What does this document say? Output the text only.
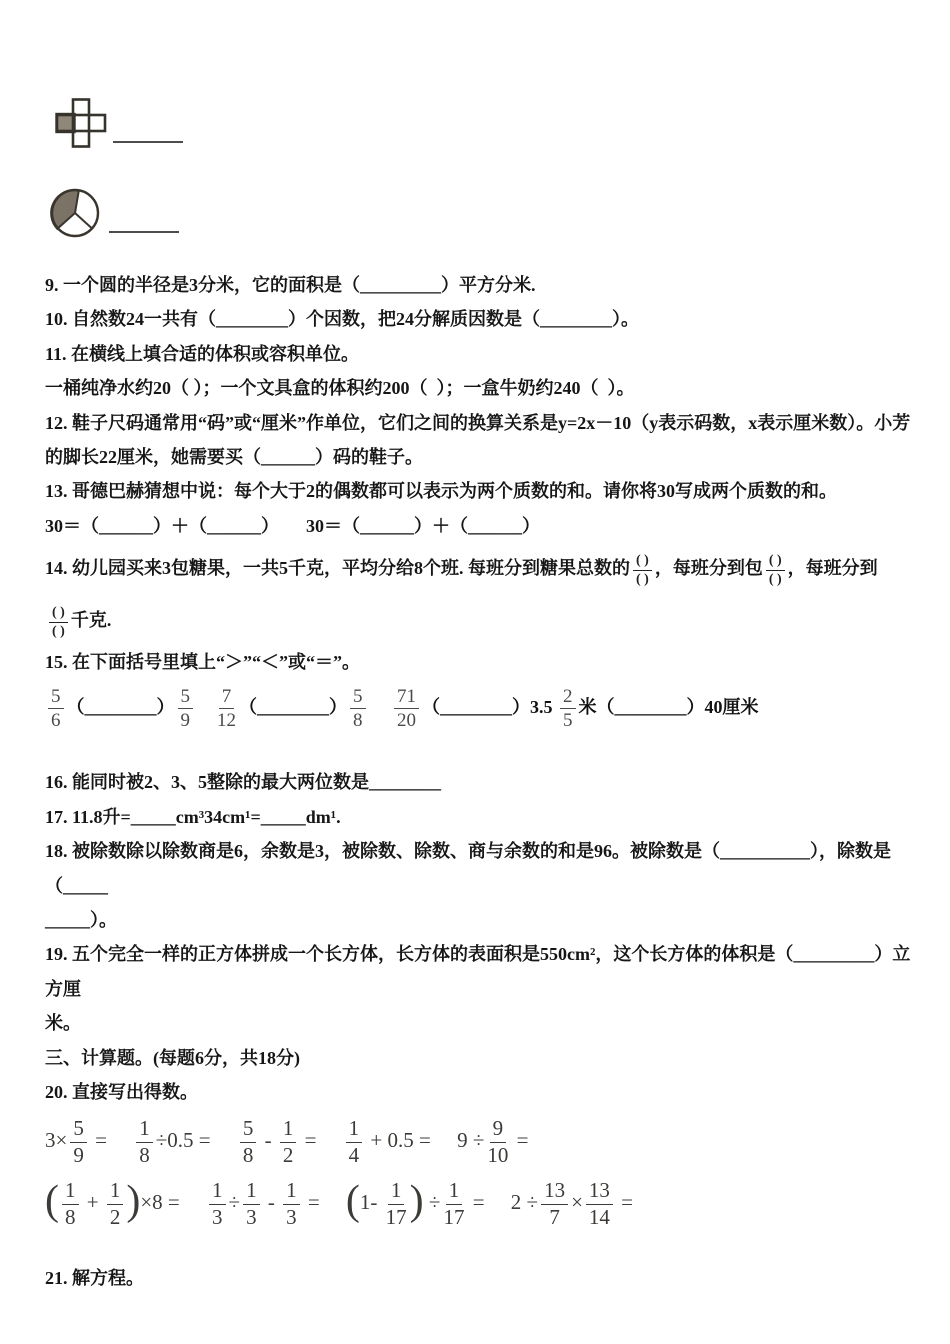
9. 一个圆的半径是3分米，它的面积是（_________）平方分米.
10. 自然数24一共有（________）个因数，把24分解质因数是（________）。
11. 在横线上填合适的体积或容积单位。
一桶纯净水约20（ ）；一个文具盒的体积约200（  ）；一盒牛奶约240（  ）。
12. 鞋子尺码通常用“码”或“厘米”作单位，它们之间的换算关系是y=2x－10（y表示码数，x表示厘米数）。小芳
的脚长22厘米，她需要买（______）码的鞋子。
13. 哥德巴赫猜想中说：每个大于2的偶数都可以表示为两个质数的和。请你将30写成两个质数的和。
30＝（______）＋（______）　　30＝（______）＋（______）
14. 幼儿园买来3包糖果，一共5千克，平均分给8个班. 每班分到糖果总数的 $\frac{( )}{( )}$ ，每班分到包 $\frac{( )}{( )}$ ，每班分到
$\frac{( )}{( )}$ 千克.
15. 在下面括号里填上“＞”“＜”或“＝”。
$\frac{5}{6}$ （________） $\frac{5}{9}$
　 $\frac{7}{12}$ （________） $\frac{5}{8}$
　 $\frac{71}{20}$ （________）3.5 $\frac{2}{5}$ 米（________）40厘米
16. 能同时被2、3、5整除的最大两位数是________
17. 11.8升=_____cm³34cm¹=_____dm¹.
18. 被除数除以除数商是6，余数是3，被除数、除数、商与余数的和是96。被除数是（__________），除数是（_____
_____）。
19. 五个完全一样的正方体拼成一个长方体，长方体的表面积是550cm²，这个长方体的体积是（_________）立方厘
米。
三、计算题。(每题6分，共18分)
20. 直接写出得数。
$3\times \frac{5}{9}$ = 　 $\frac{1}{8} \div 0.5$ = 　 $\frac{5}{8} - \frac{1}{2}$ = 　 $\frac{1}{4} + 0.5$ = 　$9 \div \frac{9}{10}$ =
( $\frac{1}{8} + \frac{1}{2} )\times 8$ = 　 $\frac{1}{3} \div \frac{1}{3} - \frac{1}{3}$ = 　($1- \frac{1}{17}$ ) ÷ $\frac{1}{17}$ = 　$2 \div \frac{13}{7} \times \frac{13}{14}$ =
21. 解方程。
